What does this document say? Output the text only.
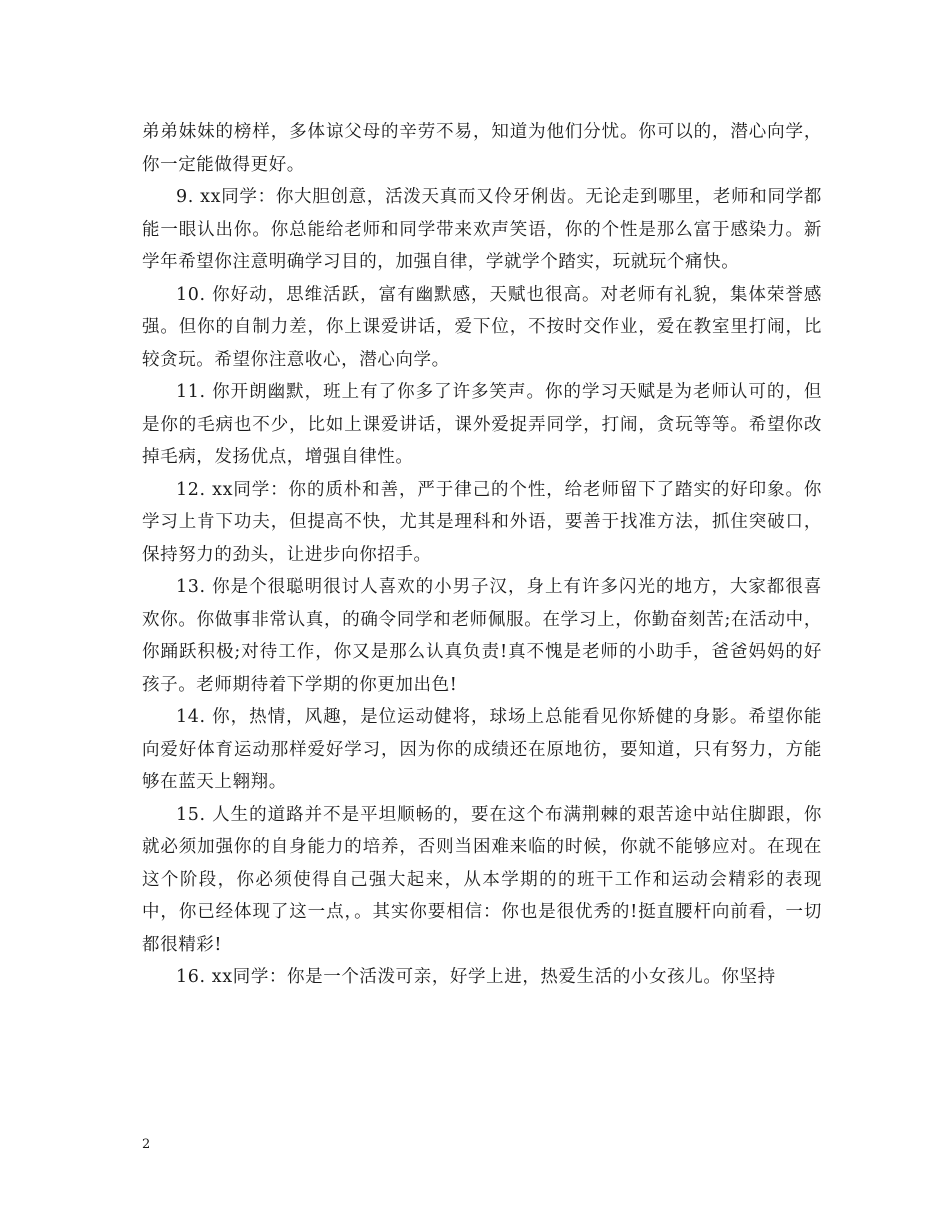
弟弟妹妹的榜样，多体谅父母的辛劳不易，知道为他们分忧。你可以的，潜心向学，你一定能做得更好。

9. xx同学：你大胆创意，活泼天真而又伶牙俐齿。无论走到哪里，老师和同学都能一眼认出你。你总能给老师和同学带来欢声笑语，你的个性是那么富于感染力。新学年希望你注意明确学习目的，加强自律，学就学个踏实，玩就玩个痛快。

10. 你好动，思维活跃，富有幽默感，天赋也很高。对老师有礼貌，集体荣誉感强。但你的自制力差，你上课爱讲话，爱下位，不按时交作业，爱在教室里打闹，比较贪玩。希望你注意收心，潜心向学。

11. 你开朗幽默，班上有了你多了许多笑声。你的学习天赋是为老师认可的，但是你的毛病也不少，比如上课爱讲话，课外爱捉弄同学，打闹，贪玩等等。希望你改掉毛病，发扬优点，增强自律性。

12. xx同学：你的质朴和善，严于律己的个性，给老师留下了踏实的好印象。你学习上肯下功夫，但提高不快，尤其是理科和外语，要善于找准方法，抓住突破口，保持努力的劲头，让进步向你招手。

13. 你是个很聪明很讨人喜欢的小男子汉，身上有许多闪光的地方，大家都很喜欢你。你做事非常认真，的确令同学和老师佩服。在学习上，你勤奋刻苦;在活动中，你踊跃积极;对待工作，你又是那么认真负责!真不愧是老师的小助手，爸爸妈妈的好孩子。老师期待着下学期的你更加出色!

14. 你，热情，风趣，是位运动健将，球场上总能看见你矫健的身影。希望你能向爱好体育运动那样爱好学习，因为你的成绩还在原地彷，要知道，只有努力，方能够在蓝天上翱翔。

15. 人生的道路并不是平坦顺畅的，要在这个布满荆棘的艰苦途中站住脚跟，你就必须加强你的自身能力的培养，否则当困难来临的时候，你就不能够应对。在现在这个阶段，你必须使得自己强大起来，从本学期的的班干工作和运动会精彩的表现中，你已经体现了这一点，。其实你要相信：你也是很优秀的!挺直腰杆向前看，一切都很精彩!

16. xx同学：你是一个活泼可亲，好学上进，热爱生活的小女孩儿。你坚持

2
